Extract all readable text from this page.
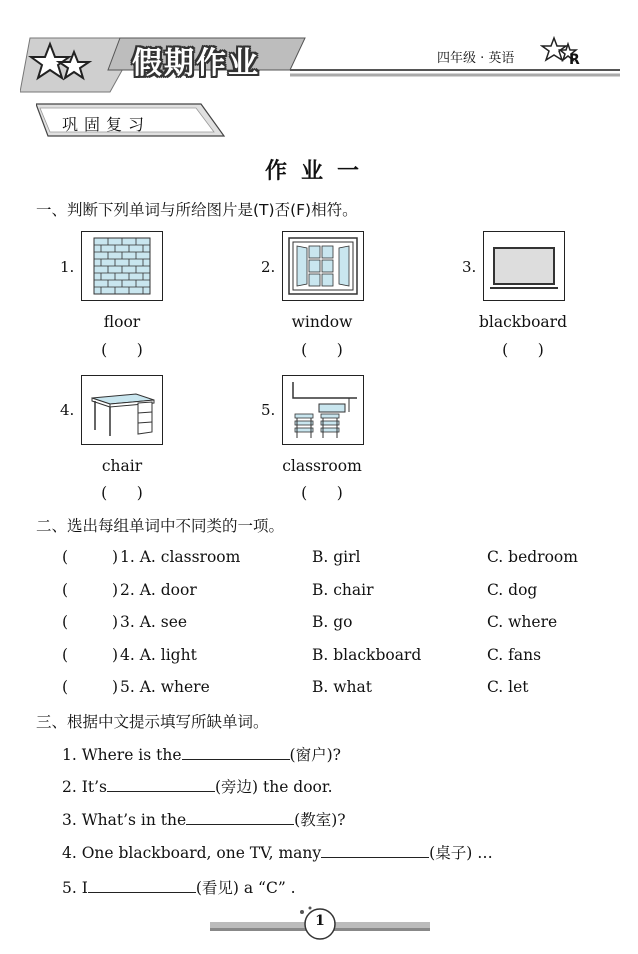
假期作业	四年级 · 英语	R
巩固复习
作业一
一、判断下列单词与所给图片是(T)否(F)相符。
1.
floor
(      )
2.
window
(      )
3.
blackboard
(      )
4.
chair
(      )
5.
classroom
(      )
二、选出每组单词中不同类的一项。
(	) 1. A. classroom	B. girl	C. bedroom
(	) 2. A. door	B. chair	C. dog
(	) 3. A. see	B. go	C. where
(	) 4. A. light	B. blackboard	C. fans
(	) 5. A. where	B. what	C. let
三、根据中文提示填写所缺单词。
1. Where is the	(窗户)?
2. It’s	(旁边) the door.
3. What’s in the	(教室)?
4. One blackboard, one TV, many	(桌子) …
5. I	(看见) a “C” .
1
